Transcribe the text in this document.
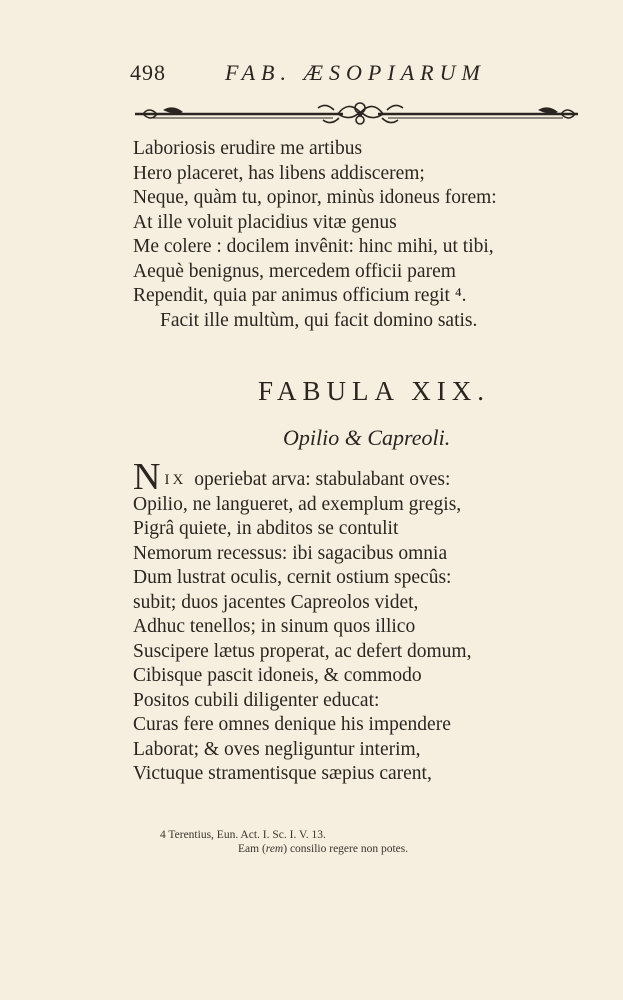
498	FAB. ÆSOPIARUM
Laboriosis erudire me artibus
Hero placeret, has libens addiscerem;
Neque, quàm tu, opinor, minùs idoneus forem:
At ille voluit placidius vitæ genus
Me colere : docilem invênit: hinc mihi, ut tibi,
Aequè benignus, mercedem officii parem
Rependit, quia par animus officium regit ⁴.
Facit ille multùm, qui facit domino satis.
FABULA XIX.
Opilio & Capreoli.
N IX operiebat arva: stabulabant oves:
Opilio, ne langueret, ad exemplum gregis,
Pigrâ quiete, in abditos se contulit
Nemorum recessus: ibi sagacibus omnia
Dum lustrat oculis, cernit ostium specûs:
subit; duos jacentes Capreolos videt,
Adhuc tenellos; in sinum quos illico
Suscipere lætus properat, ac defert domum,
Cibisque pascit idoneis, & commodo
Positos cubili diligenter educat:
Curas fere omnes denique his impendere
Laborat; & oves negliguntur interim,
Victuque stramentisque sæpius carent,
4 Terentius, Eun. Act. I. Sc. I. V. 13.
Eam (rem) consilio regere non potes.
